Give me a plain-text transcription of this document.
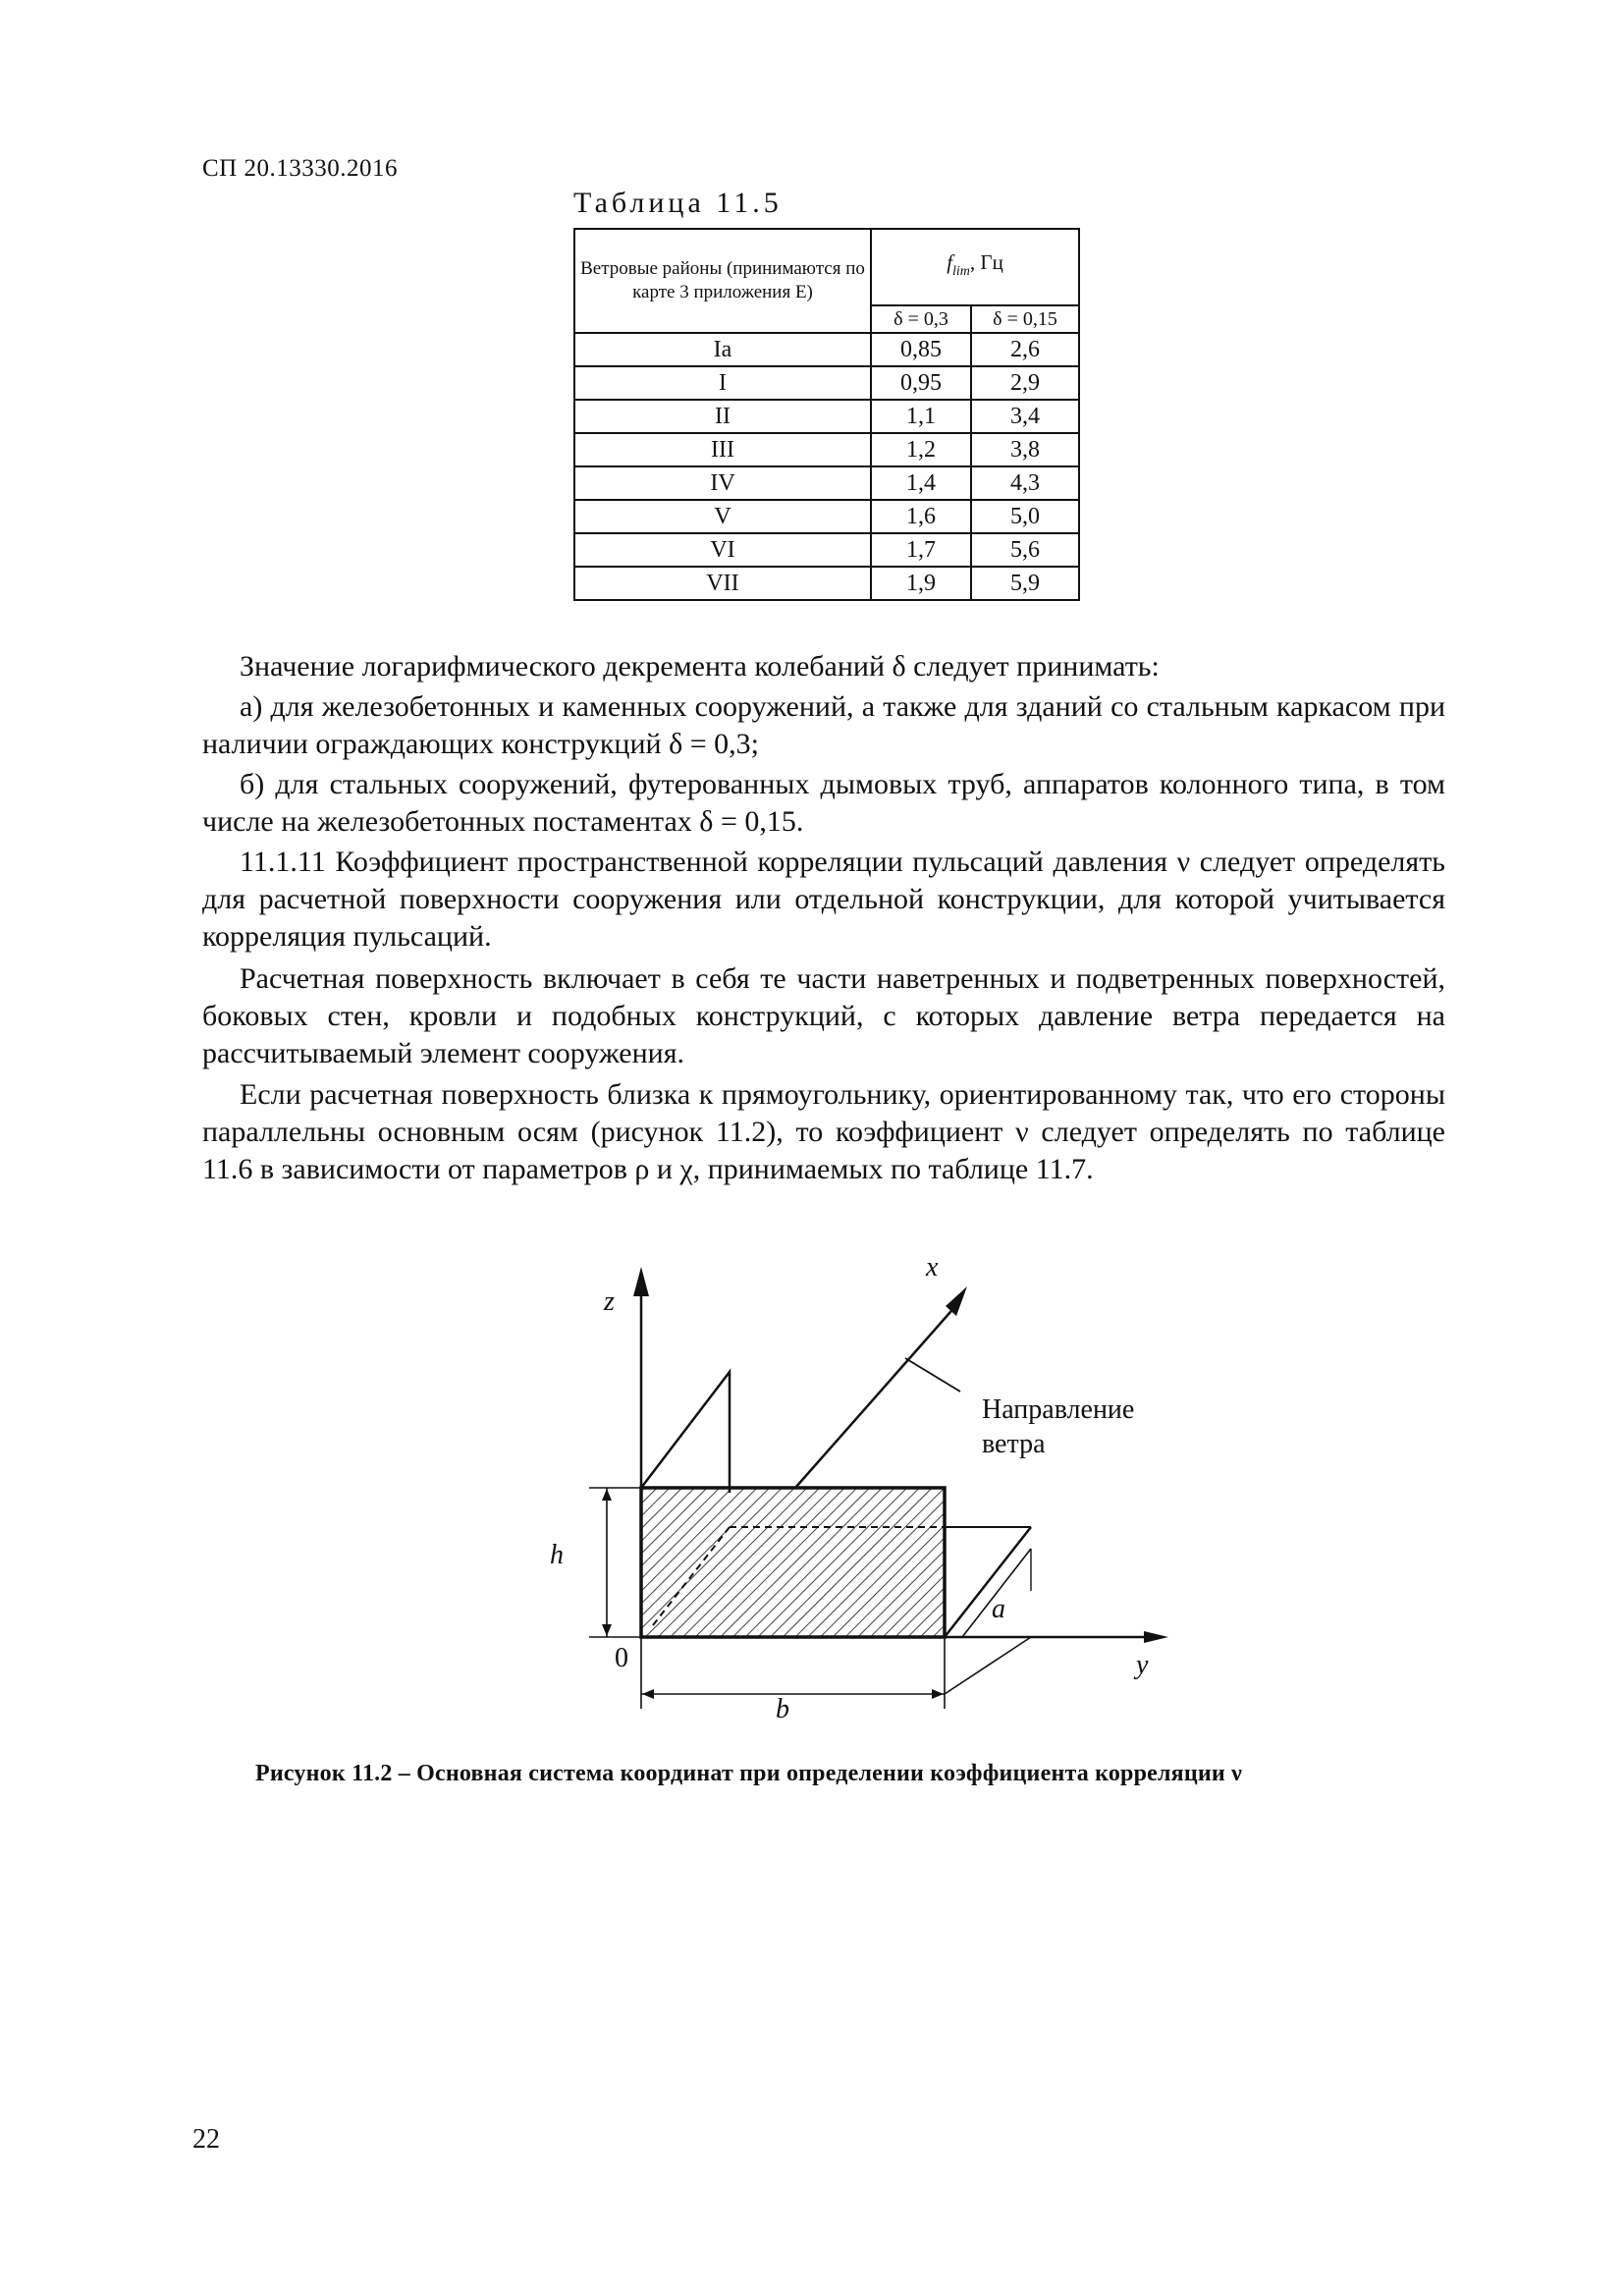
СП 20.13330.2016
Таблица 11.5
Ветровые районы (принимаются по карте 3 приложения Е)	$f_{lim}$, Гц	
	δ = 0,3	δ = 0,15
Ia	0,85	2,6
I	0,95	2,9
II	1,1	3,4
III	1,2	3,8
IV	1,4	4,3
V	1,6	5,0
VI	1,7	5,6
VII	1,9	5,9

Значение логарифмического декремента колебаний δ следует принимать:

а) для железобетонных и каменных сооружений, а также для зданий со стальным каркасом при наличии ограждающих конструкций δ = 0,3;

б) для стальных сооружений, футерованных дымовых труб, аппаратов колонного типа, в том числе на железобетонных постаментах δ = 0,15.

11.1.11 Коэффициент пространственной корреляции пульсаций давления ν следует определять для расчетной поверхности сооружения или отдельной конструкции, для которой учитывается корреляция пульсаций.

Расчетная поверхность включает в себя те части наветренных и подветренных поверхностей, боковых стен, кровли и подобных конструкций, с которых давление ветра передается на рассчитываемый элемент сооружения.

Если расчетная поверхность близка к прямоугольнику, ориентированному так, что его стороны параллельны основным осям (рисунок 11.2), то коэффициент ν следует определять по таблице 11.6 в зависимости от параметров ρ и χ, принимаемых по таблице 11.7.

z
x
y
h
b
a
0
Направление
ветра
Рисунок 11.2 – Основная система координат при определении коэффициента корреляции ν
22
